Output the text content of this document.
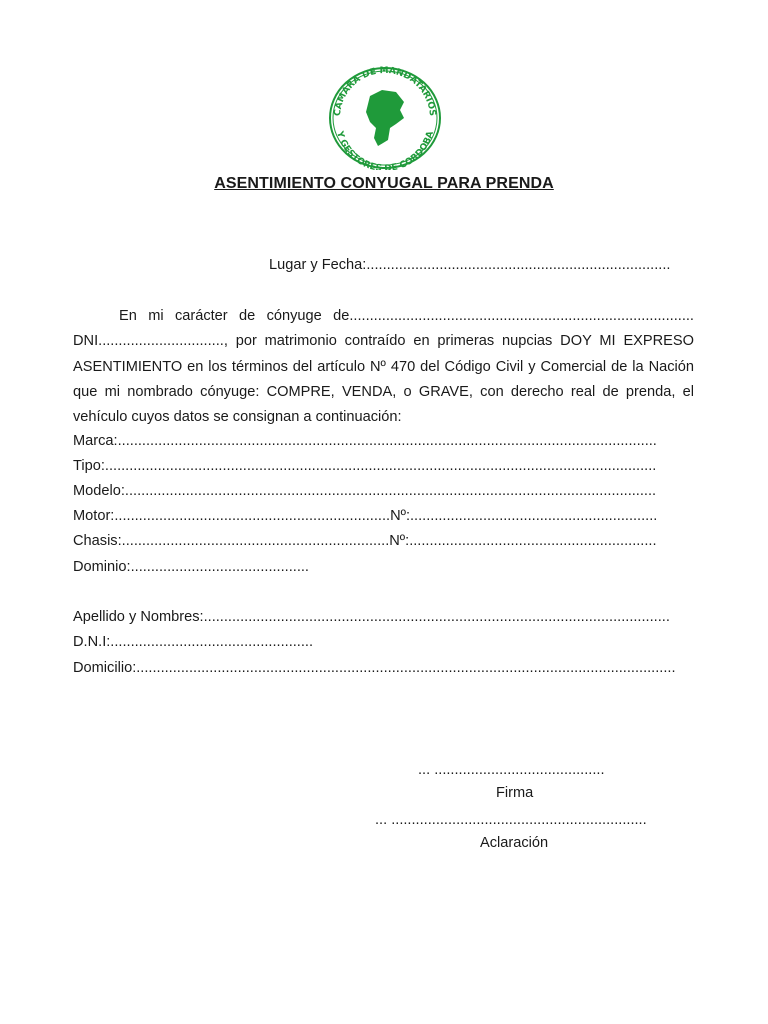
CAMARA DE MANDATARIOS
Y GESTORES DE CORDOBA
ASENTIMIENTO CONYUGAL PARA PRENDA
Lugar y Fecha:...........................................................................
En mi carácter de cónyuge de..................................................................................... DNI..............................., por matrimonio contraído en primeras nupcias DOY MI EXPRESO ASENTIMIENTO en los términos del artículo Nº 470 del Código Civil y Comercial de la Nación que mi nombrado cónyuge: COMPRE, VENDA, o GRAVE, con derecho real de prenda, el vehículo cuyos datos se consignan a continuación:
Marca:.....................................................................................................................................
Tipo:........................................................................................................................................
Modelo:...................................................................................................................................
Motor:....................................................................Nº:.............................................................
Chasis:..................................................................Nº:.............................................................
Dominio:............................................
Apellido y Nombres:...................................................................................................................
D.N.I:..................................................
Domicilio:.....................................................................................................................................
... ..........................................
Firma
... ...............................................................
Aclaración
